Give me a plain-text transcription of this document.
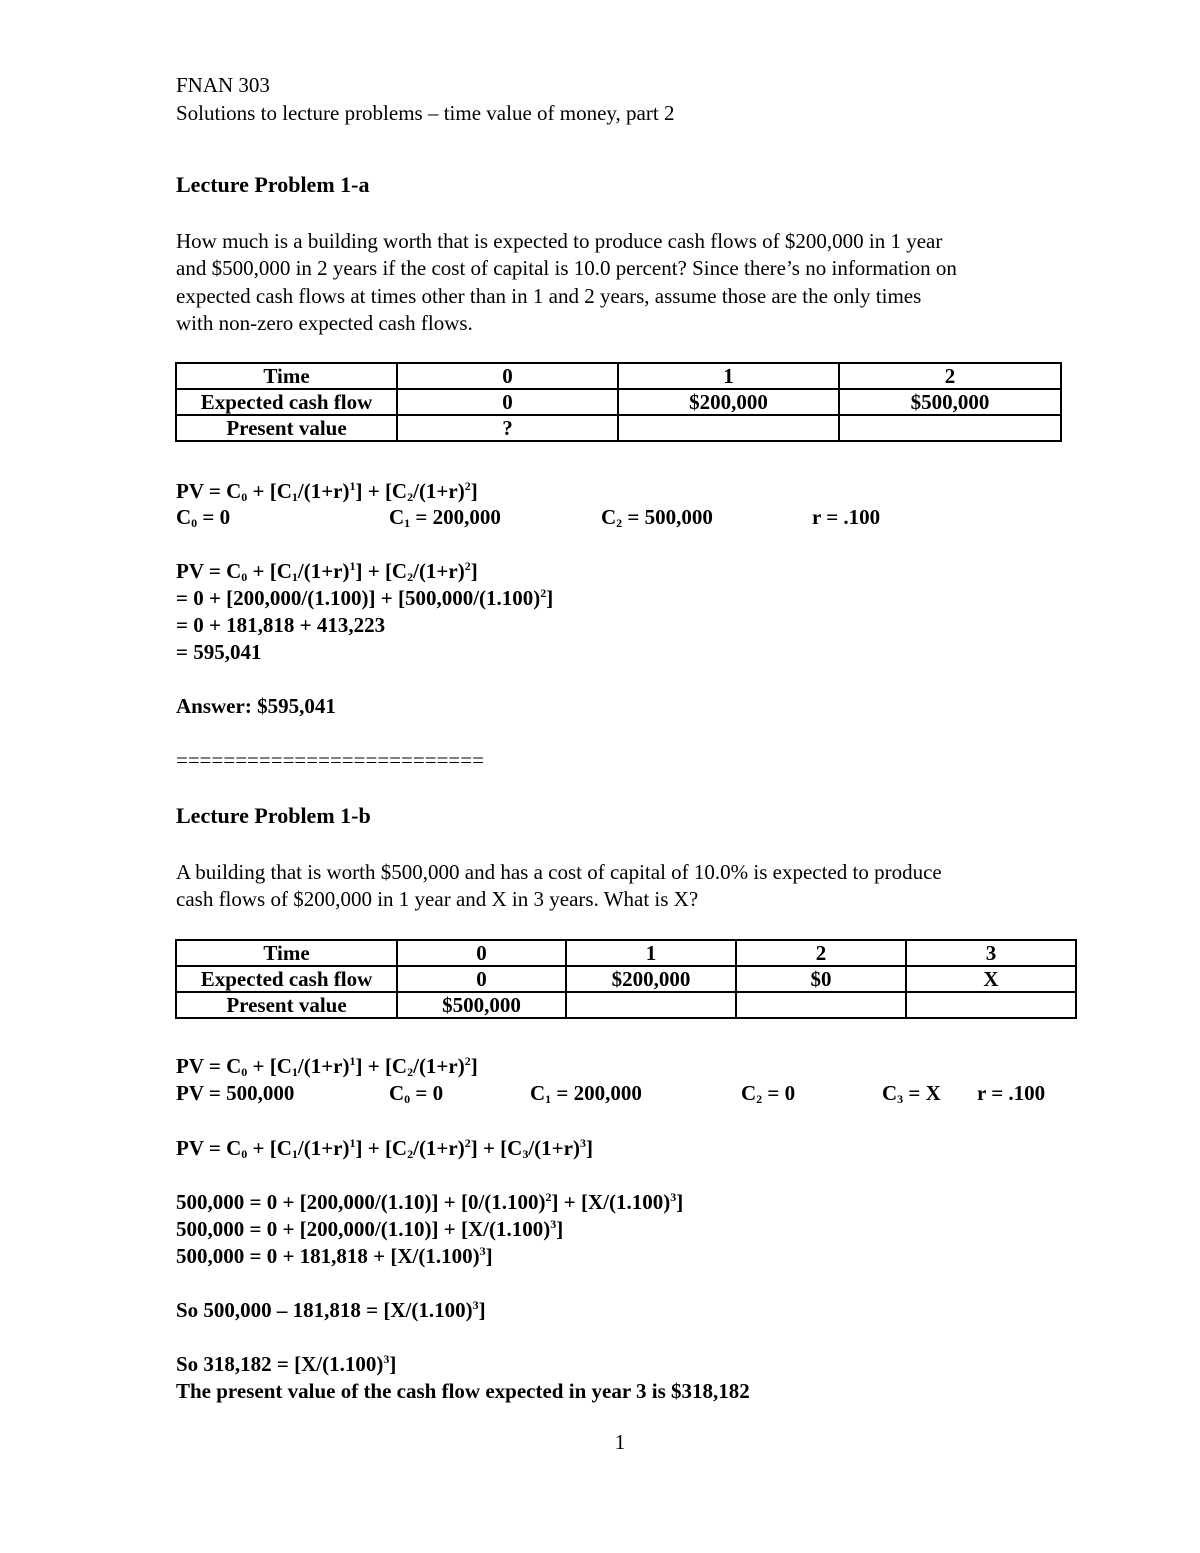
FNAN 303
Solutions to lecture problems – time value of money, part 2
Lecture Problem 1-a
How much is a building worth that is expected to produce cash flows of $200,000 in 1 year
and $500,000 in 2 years if the cost of capital is 10.0 percent? Since there’s no information on
expected cash flows at times other than in 1 and 2 years, assume those are the only times
with non-zero expected cash flows.
Time	0	1	2
Expected cash flow	0	$200,000	$500,000
Present value	?		
PV = $C_0 + [C_1/(1+r)^1] + [C_2/(1+r)^2]$
$C_0 = 0$	$C_1 = 200,000$	$C_2 = 500,000$	r = .100
PV = $C_0 + [C_1/(1+r)^1] + [C_2/(1+r)^2]$
= $0 + [200,000/(1.100)] + [500,000/(1.100)^2]$
= 0 + 181,818 + 413,223
= 595,041
Answer: $595,041
==========================
Lecture Problem 1-b
A building that is worth $500,000 and has a cost of capital of 10.0% is expected to produce
cash flows of $200,000 in 1 year and X in 3 years. What is X?
Time	0	1	2	3
Expected cash flow	0	$200,000	$0	X
Present value	$500,000			
PV = $C_0 + [C_1/(1+r)^1] + [C_2/(1+r)^2]$
PV = 500,000	$C_0 = 0$	$C_1 = 200,000$	$C_2 = 0$	$C_3 = X$ r = .100
PV = $C_0 + [C_1/(1+r)^1] + [C_2/(1+r)^2] + [C_3/(1+r)^3]$
$500,000 = 0 + [200,000/(1.10)] + [0/(1.100)^2] + [X/(1.100)^3]$
$500,000 = 0 + [200,000/(1.10)] + [X/(1.100)^3]$
$500,000 = 0 + 181,818 + [X/(1.100)^3]$
So $500,000 - 181,818 = [X/(1.100)^3]$
So $318,182 = [X/(1.100)^3]$
The present value of the cash flow expected in year 3 is $318,182
1
